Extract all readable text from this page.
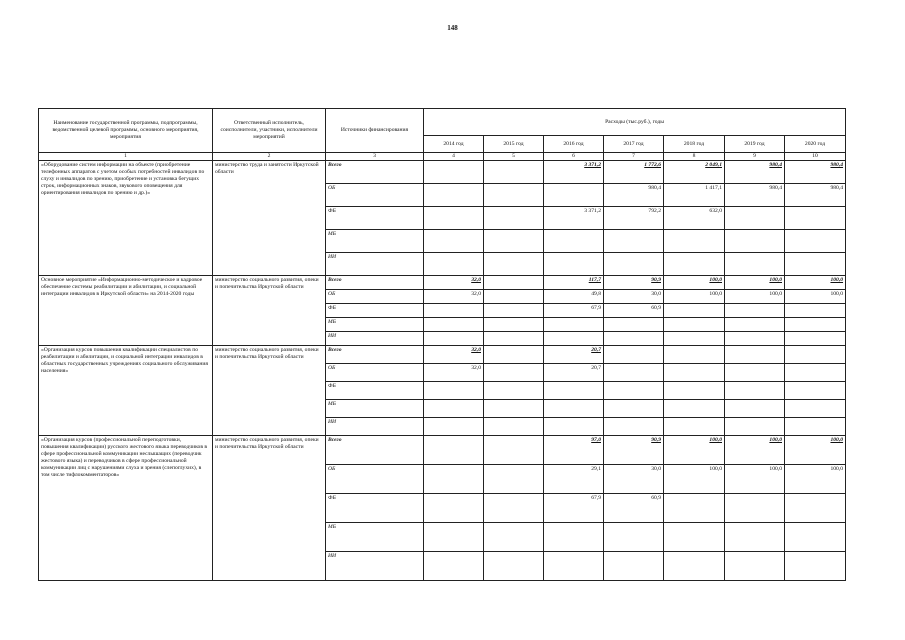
148
Наименование государственной программы, подпрограммы, ведомственной целевой программы, основного мероприятия, мероприятия	Ответственный исполнитель, соисполнители, участники, исполнители мероприятий	Источники финансирования	Расходы (тыс.руб.), годы						
			2014 год	2015 год	2016 год	2017 год	2018 год	2019 год	2020 год
1	2	3	4	5	6	7	8	9	10
«Оборудование систем информации на объекте (приобретение телефонных аппаратов с учетом особых потребностей инвалидов по слуху и инвалидов по зрению, приобретение и установка бегущих строк, информационных знаков, звукового оповещения для ориентирования инвалидов по зрению и др.)»	министерство труда и занятости Иркутской области	Всего			3 371,2	1 772,6	2 049,1	980,4	980,4
		ОБ				980,4	1 417,1	980,4	980,4
		ФБ			3 371,2	792,2	632,0		
		МБ							
		ИИ							
Основное мероприятие «Информационно-методическое и кадровое обеспечение системы реабилитации и абилитации, и социальной интеграции инвалидов в Иркутской области» на 2014-2020 годы	министерство социального развития, опеки и попечительства Иркутской области	Всего	32,0		117,7	90,9	100,0	100,0	100,0
		ОБ	32,0		49,8	30,0	100,0	100,0	100,0
		ФБ			67,9	60,9			
		МБ							
		ИИ							
«Организация курсов повышения квалификации специалистов по реабилитации и абилитации, и социальной интеграции инвалидов в областных государственных учреждениях социального обслуживания населения»	министерство социального развития, опеки и попечительства Иркутской области	Всего	32,0		20,7				
		ОБ	32,0		20,7				
		ФБ							
		МБ							
		ИИ							
«Организация курсов (профессиональной переподготовки, повышения квалификации) русского жестового языка переводчиков в сфере профессиональной коммуникации неслышащих (переводчик жестового языка) и переводчиков в сфере профессиональной коммуникации лиц с нарушениями слуха и зрения (слепоглухих), в том числе тифлокомментаторов»	министерство социального развития, опеки и попечительства Иркутской области	Всего			97,0	90,9	100,0	100,0	100,0
		ОБ			29,1	30,0	100,0	100,0	100,0
		ФБ			67,9	60,9			
		МБ							
		ИИ							
